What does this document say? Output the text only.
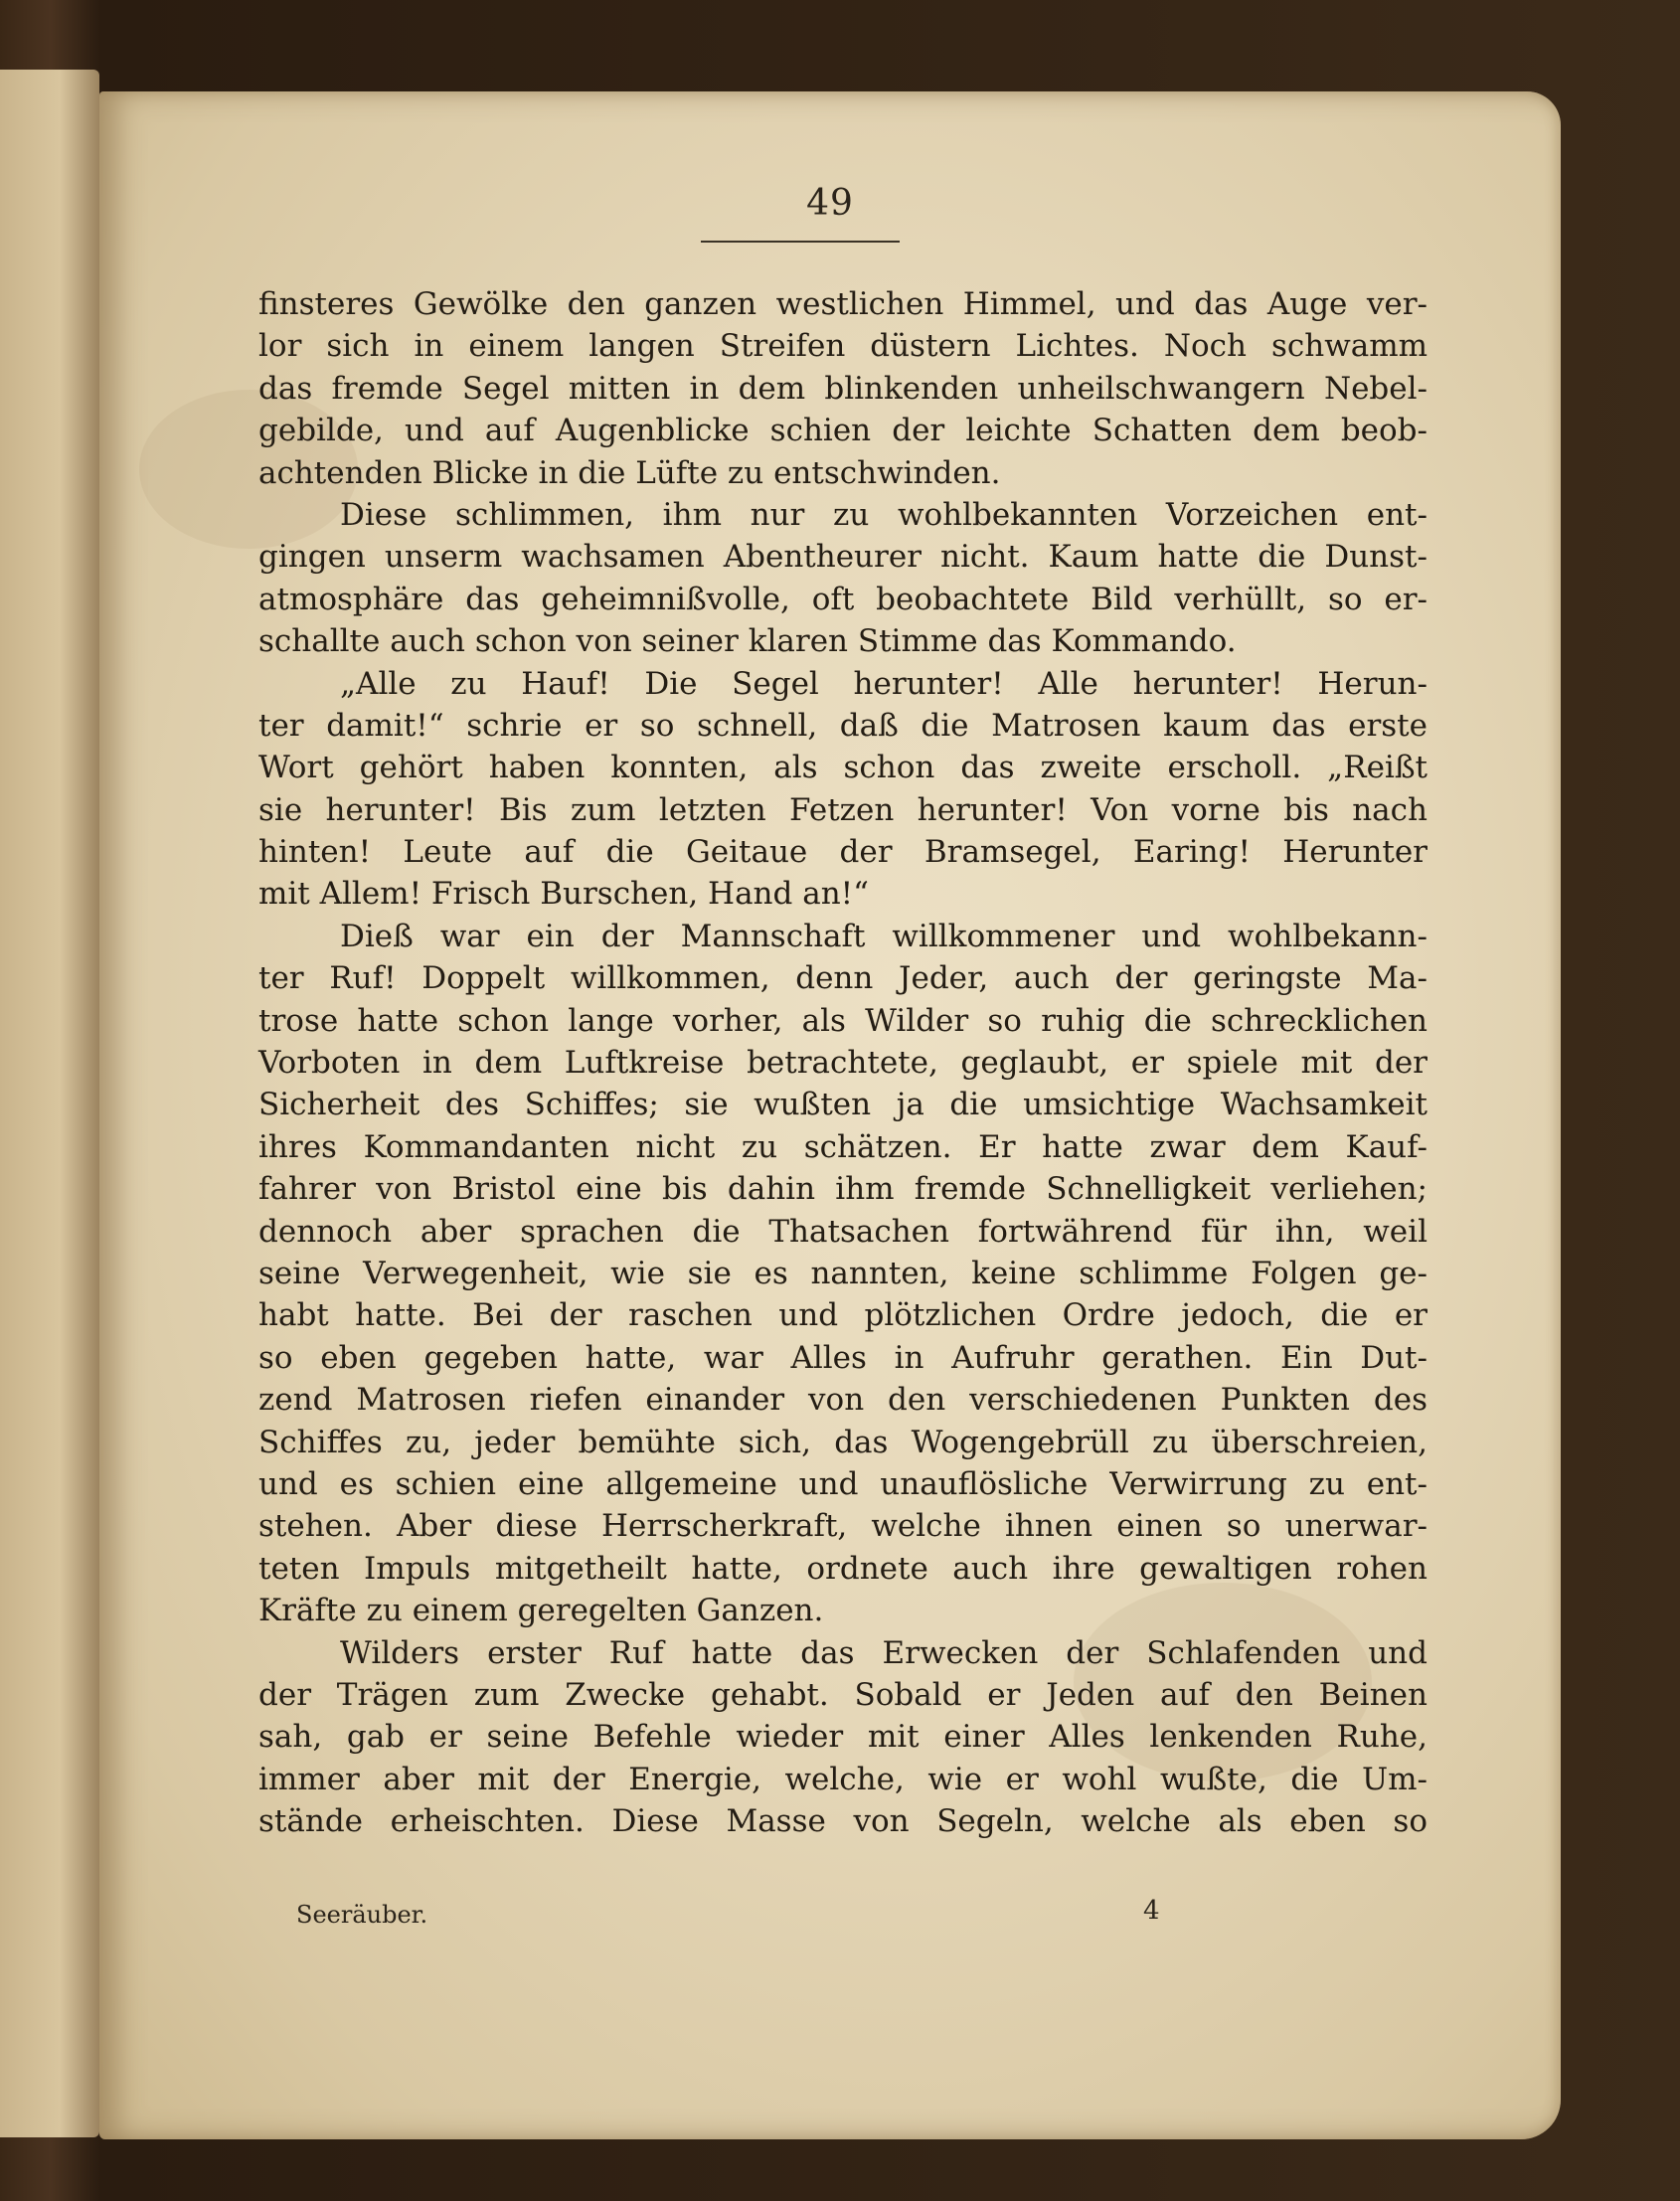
49
finsteres Gewölke den ganzen westlichen Himmel, und das Auge ver-
lor sich in einem langen Streifen düstern Lichtes. Noch schwamm
das fremde Segel mitten in dem blinkenden unheilschwangern Nebel-
gebilde, und auf Augenblicke schien der leichte Schatten dem beob-
achtenden Blicke in die Lüfte zu entschwinden.
Diese schlimmen, ihm nur zu wohlbekannten Vorzeichen ent-
gingen unserm wachsamen Abentheurer nicht. Kaum hatte die Dunst-
atmosphäre das geheimnißvolle, oft beobachtete Bild verhüllt, so er-
schallte auch schon von seiner klaren Stimme das Kommando.
„Alle zu Hauf! Die Segel herunter! Alle herunter! Herun-
ter damit!“ schrie er so schnell, daß die Matrosen kaum das erste
Wort gehört haben konnten, als schon das zweite erscholl. „Reißt
sie herunter! Bis zum letzten Fetzen herunter! Von vorne bis nach
hinten! Leute auf die Geitaue der Bramsegel, Earing! Herunter
mit Allem! Frisch Burschen, Hand an!“
Dieß war ein der Mannschaft willkommener und wohlbekann-
ter Ruf! Doppelt willkommen, denn Jeder, auch der geringste Ma-
trose hatte schon lange vorher, als Wilder so ruhig die schrecklichen
Vorboten in dem Luftkreise betrachtete, geglaubt, er spiele mit der
Sicherheit des Schiffes; sie wußten ja die umsichtige Wachsamkeit
ihres Kommandanten nicht zu schätzen. Er hatte zwar dem Kauf-
fahrer von Bristol eine bis dahin ihm fremde Schnelligkeit verliehen;
dennoch aber sprachen die Thatsachen fortwährend für ihn, weil
seine Verwegenheit, wie sie es nannten, keine schlimme Folgen ge-
habt hatte. Bei der raschen und plötzlichen Ordre jedoch, die er
so eben gegeben hatte, war Alles in Aufruhr gerathen. Ein Dut-
zend Matrosen riefen einander von den verschiedenen Punkten des
Schiffes zu, jeder bemühte sich, das Wogengebrüll zu überschreien,
und es schien eine allgemeine und unauflösliche Verwirrung zu ent-
stehen. Aber diese Herrscherkraft, welche ihnen einen so unerwar-
teten Impuls mitgetheilt hatte, ordnete auch ihre gewaltigen rohen
Kräfte zu einem geregelten Ganzen.
Wilders erster Ruf hatte das Erwecken der Schlafenden und
der Trägen zum Zwecke gehabt. Sobald er Jeden auf den Beinen
sah, gab er seine Befehle wieder mit einer Alles lenkenden Ruhe,
immer aber mit der Energie, welche, wie er wohl wußte, die Um-
stände erheischten. Diese Masse von Segeln, welche als eben so
Seeräuber.	4
